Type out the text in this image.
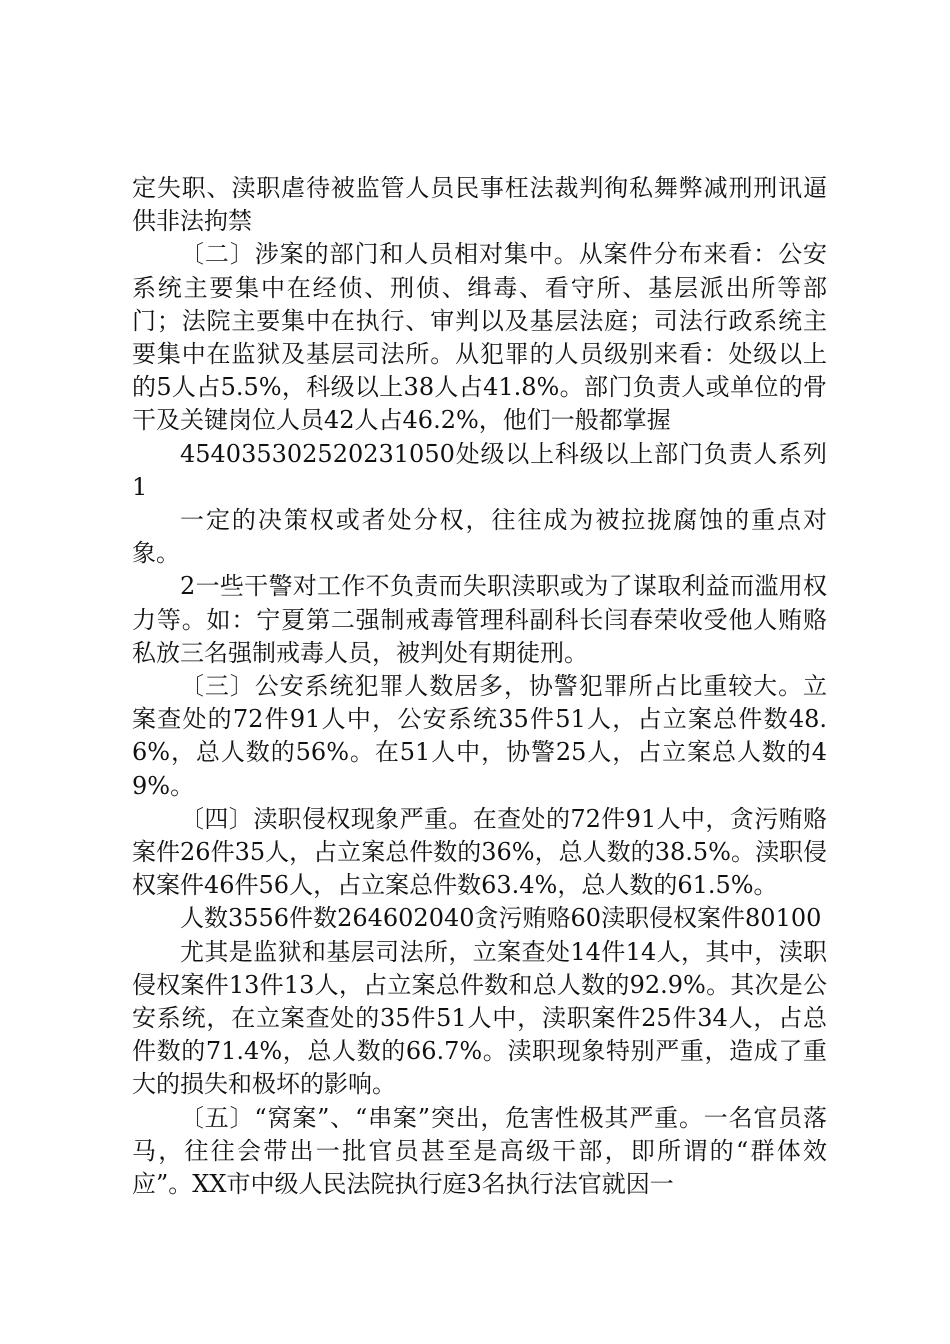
定失职、渎职虐待被监管人员民事枉法裁判徇私舞弊减刑刑讯逼供非法拘禁

〔二〕涉案的部门和人员相对集中。从案件分布来看：公安系统主要集中在经侦、刑侦、缉毒、看守所、基层派出所等部门；法院主要集中在执行、审判以及基层法庭；司法行政系统主要集中在监狱及基层司法所。从犯罪的人员级别来看：处级以上的5人占5.5%，科级以上38人占41.8%。部门负责人或单位的骨干及关键岗位人员42人占46.2%，他们一般都掌握

454035302520231050处级以上科级以上部门负责人系列1

一定的决策权或者处分权，往往成为被拉拢腐蚀的重点对象。

2一些干警对工作不负责而失职渎职或为了谋取利益而滥用权力等。如：宁夏第二强制戒毒管理科副科长闫春荣收受他人贿赂私放三名强制戒毒人员，被判处有期徒刑。

〔三〕公安系统犯罪人数居多，协警犯罪所占比重较大。立案查处的72件91人中，公安系统35件51人，占立案总件数48.6%，总人数的56%。在51人中，协警25人，占立案总人数的49%。

〔四〕渎职侵权现象严重。在查处的72件91人中，贪污贿赂案件26件35人，占立案总件数的36%，总人数的38.5%。渎职侵权案件46件56人，占立案总件数63.4%，总人数的61.5%。

人数3556件数264602040贪污贿赂60渎职侵权案件80100

尤其是监狱和基层司法所，立案查处14件14人，其中，渎职侵权案件13件13人，占立案总件数和总人数的92.9%。其次是公安系统，在立案查处的35件51人中，渎职案件25件34人，占总件数的71.4%，总人数的66.7%。渎职现象特别严重，造成了重大的损失和极坏的影响。

〔五〕“窝案”、“串案”突出，危害性极其严重。一名官员落马，往往会带出一批官员甚至是高级干部，即所谓的“群体效应”。XX市中级人民法院执行庭3名执行法官就因一
